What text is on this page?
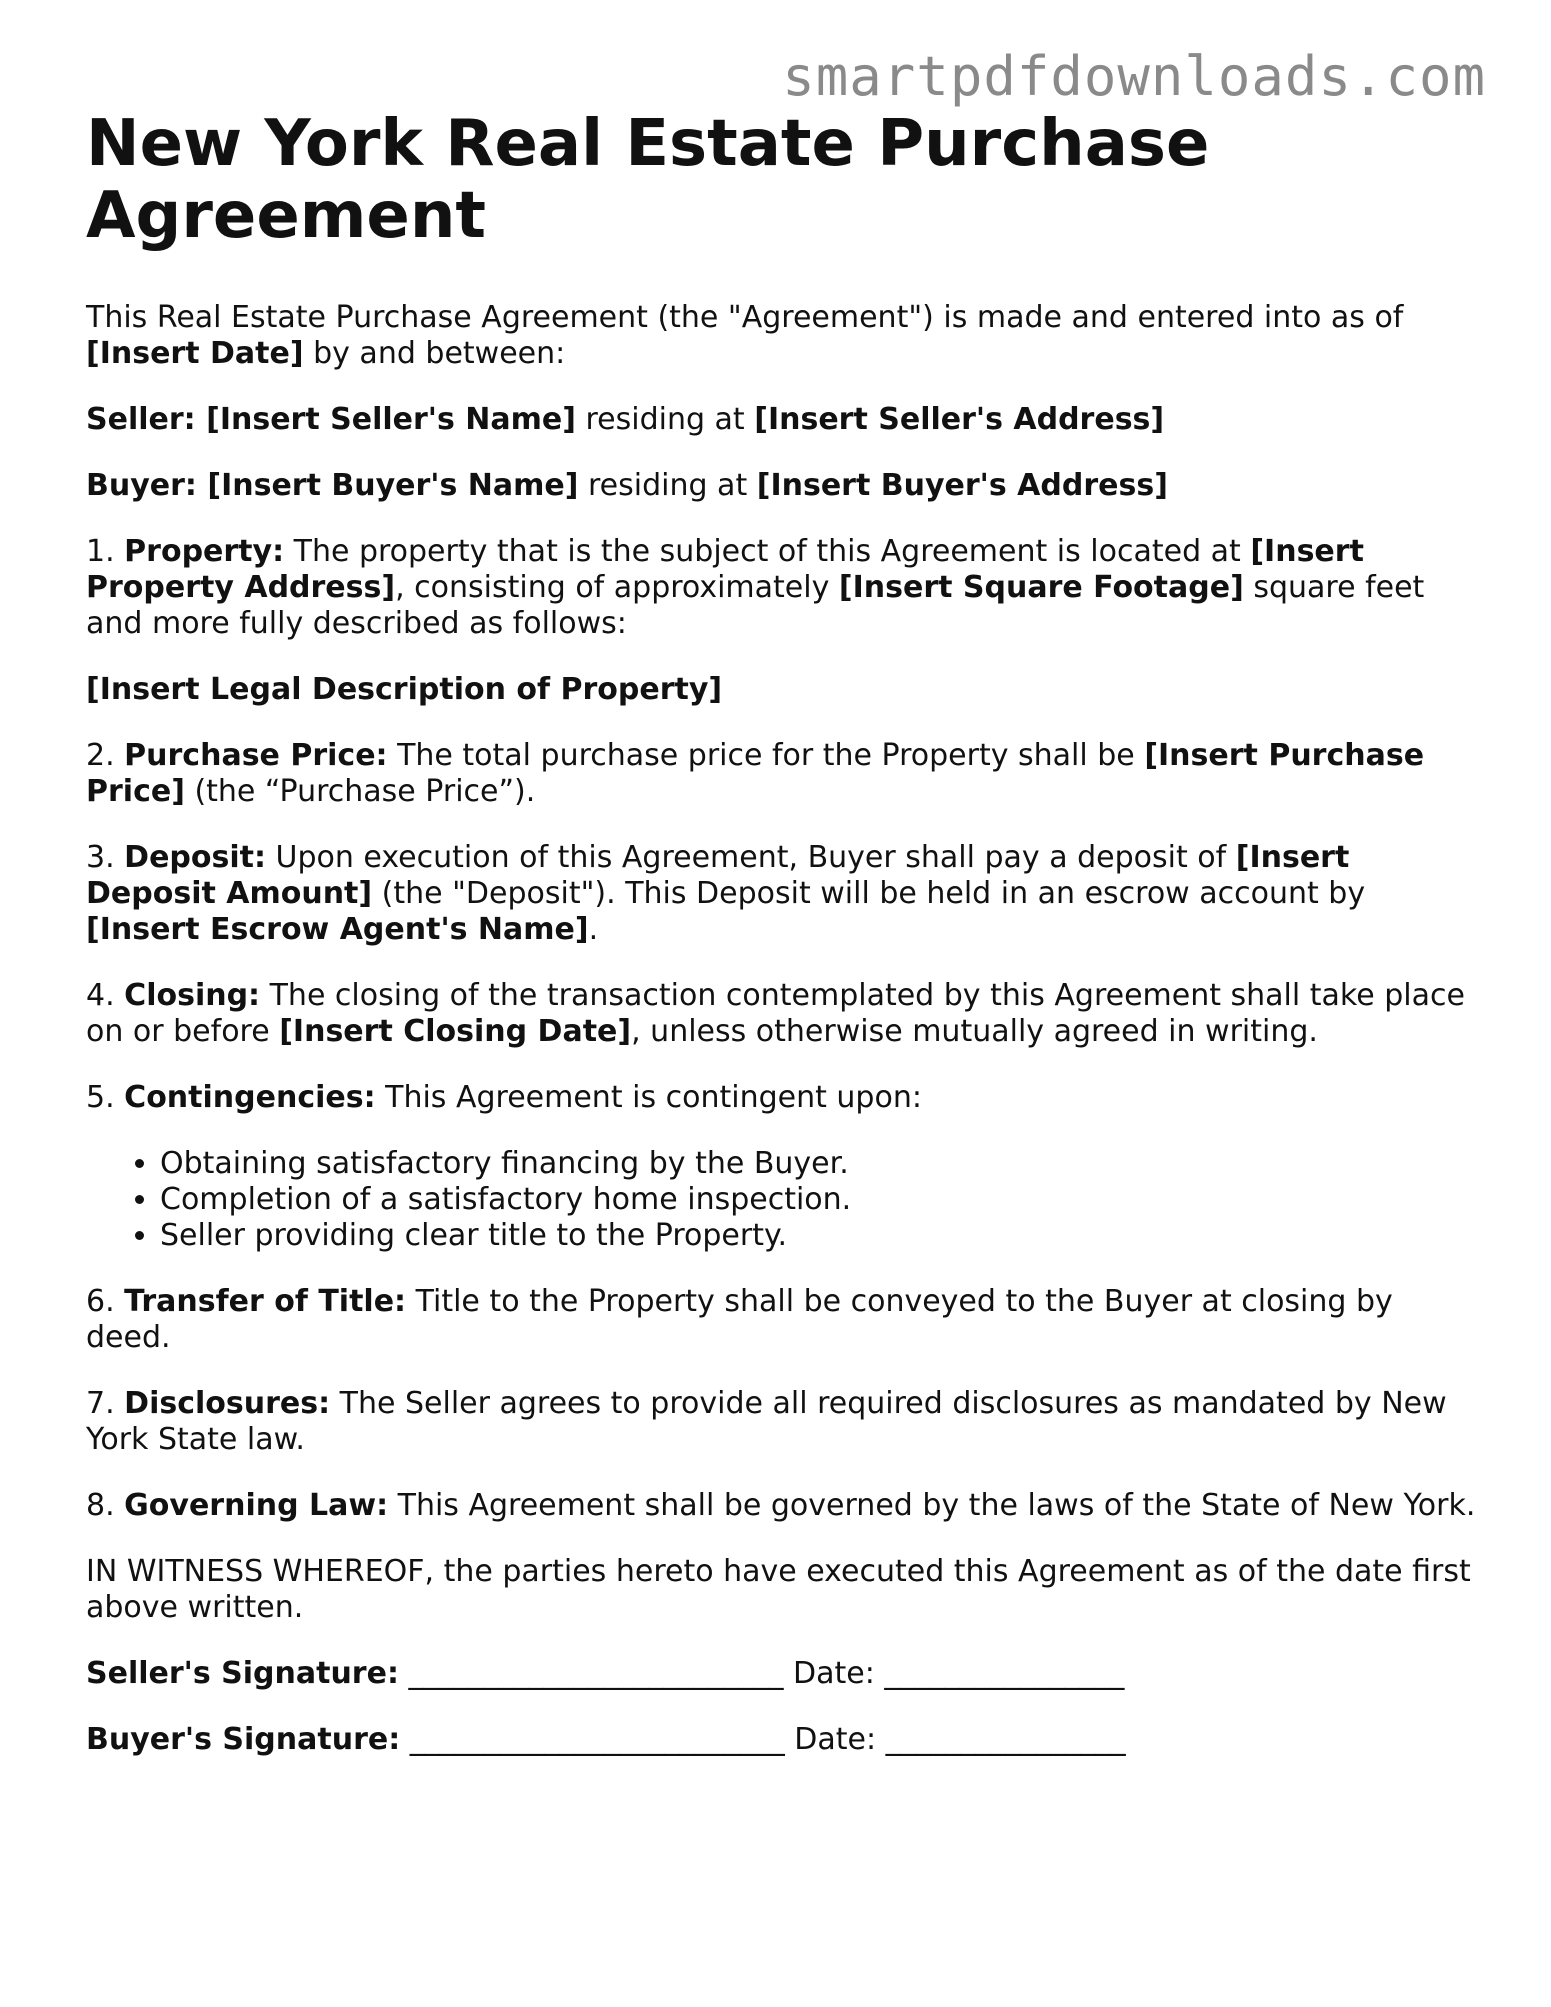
smartpdfdownloads.com
New York Real Estate Purchase Agreement

This Real Estate Purchase Agreement (the "Agreement") is made and entered into as of [Insert Date] by and between:

Seller: [Insert Seller's Name] residing at [Insert Seller's Address]

Buyer: [Insert Buyer's Name] residing at [Insert Buyer's Address]

1. Property: The property that is the subject of this Agreement is located at [Insert Property Address], consisting of approximately [Insert Square Footage] square feet and more fully described as follows:

[Insert Legal Description of Property]

2. Purchase Price: The total purchase price for the Property shall be [Insert Purchase Price] (the “Purchase Price”).

3. Deposit: Upon execution of this Agreement, Buyer shall pay a deposit of [Insert Deposit Amount] (the "Deposit"). This Deposit will be held in an escrow account by [Insert Escrow Agent's Name].

4. Closing: The closing of the transaction contemplated by this Agreement shall take place on or before [Insert Closing Date], unless otherwise mutually agreed in writing.

5. Contingencies: This Agreement is contingent upon:

• Obtaining satisfactory financing by the Buyer.
• Completion of a satisfactory home inspection.
• Seller providing clear title to the Property.

6. Transfer of Title: Title to the Property shall be conveyed to the Buyer at closing by deed.

7. Disclosures: The Seller agrees to provide all required disclosures as mandated by New York State law.

8. Governing Law: This Agreement shall be governed by the laws of the State of New York.

IN WITNESS WHEREOF, the parties hereto have executed this Agreement as of the date first above written.

Seller's Signature: _________________________ Date: ________________
Buyer's Signature: _________________________ Date: ________________
